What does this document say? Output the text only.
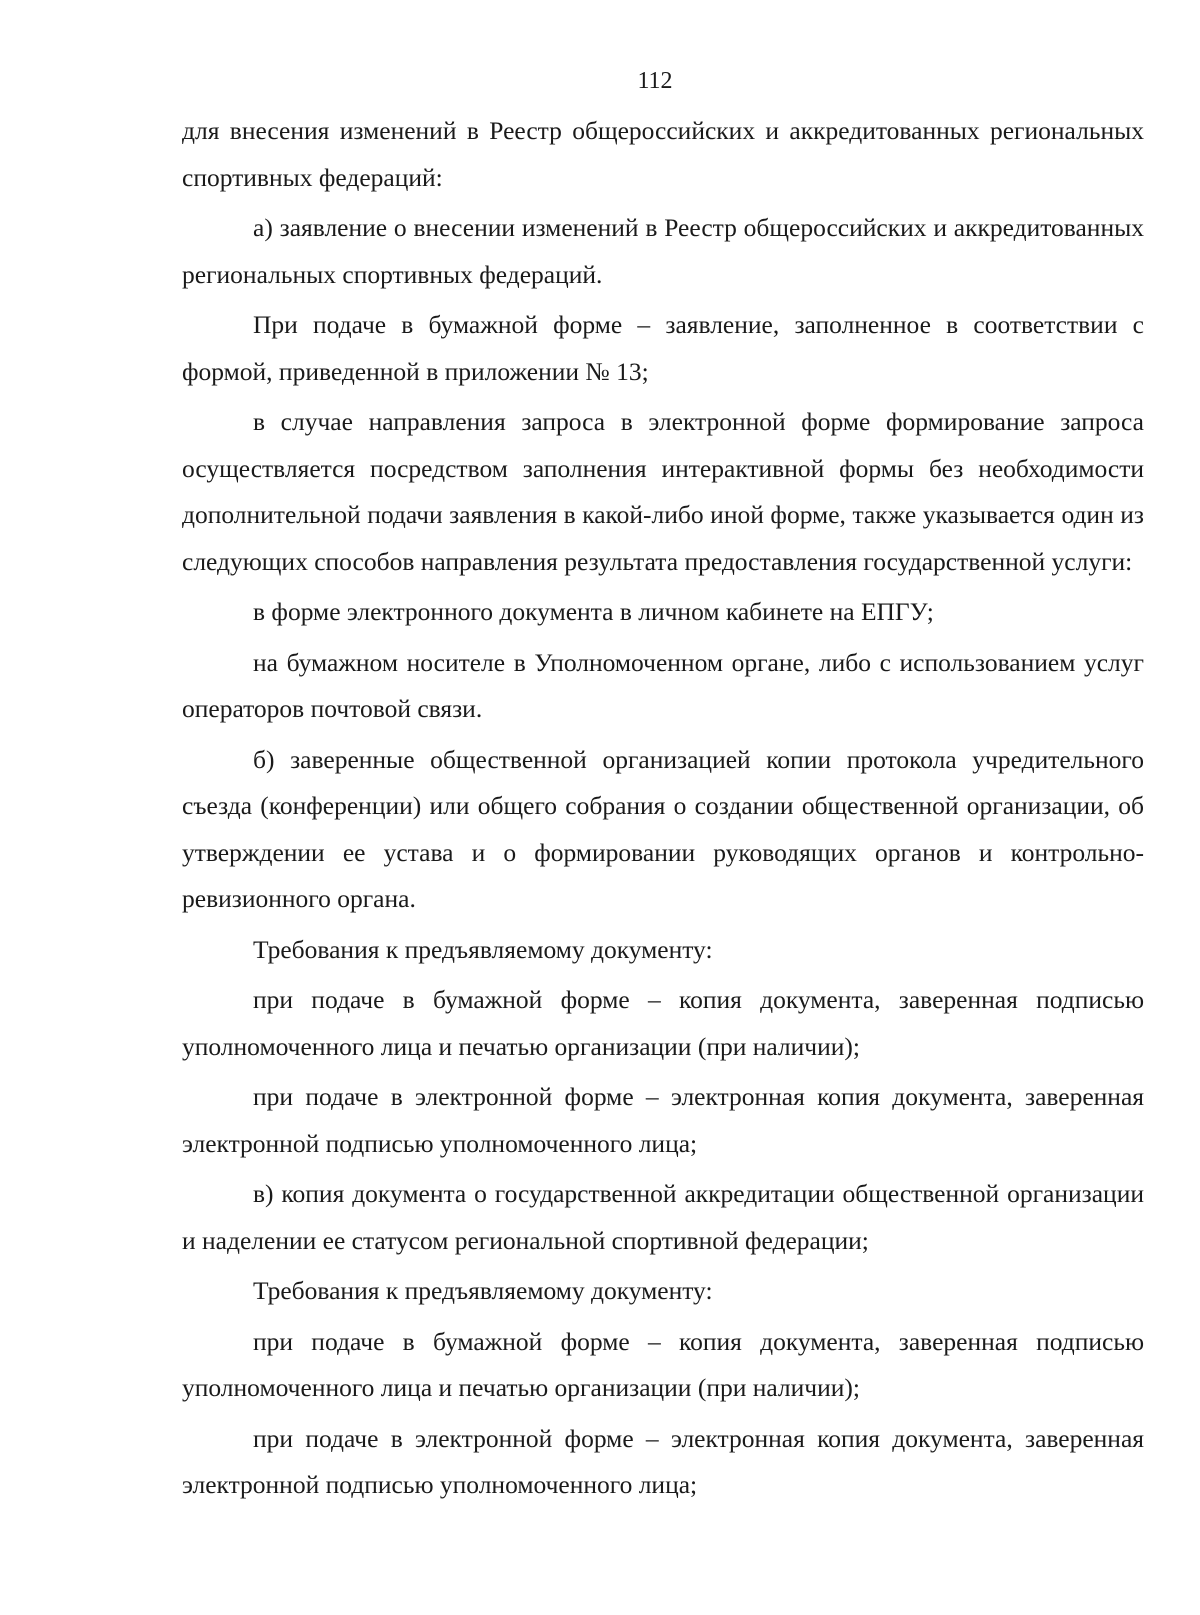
112

для внесения изменений в Реестр общероссийских и аккредитованных региональных спортивных федераций:

а) заявление о внесении изменений в Реестр общероссийских и аккредитованных региональных спортивных федераций.

При подаче в бумажной форме – заявление, заполненное в соответствии с формой, приведенной в приложении № 13;

в случае направления запроса в электронной форме формирование запроса осуществляется посредством заполнения интерактивной формы без необходимости дополнительной подачи заявления в какой-либо иной форме, также указывается один из следующих способов направления результата предоставления государственной услуги:

в форме электронного документа в личном кабинете на ЕПГУ;

на бумажном носителе в Уполномоченном органе, либо с использованием услуг операторов почтовой связи.

б) заверенные общественной организацией копии протокола учредительного съезда (конференции) или общего собрания о создании общественной организации, об утверждении ее устава и о формировании руководящих органов и контрольно-ревизионного органа.

Требования к предъявляемому документу:

при подаче в бумажной форме – копия документа, заверенная подписью уполномоченного лица и печатью организации (при наличии);

при подаче в электронной форме – электронная копия документа, заверенная электронной подписью уполномоченного лица;

в) копия документа о государственной аккредитации общественной организации и наделении ее статусом региональной спортивной федерации;

Требования к предъявляемому документу:

при подаче в бумажной форме – копия документа, заверенная подписью уполномоченного лица и печатью организации (при наличии);

при подаче в электронной форме – электронная копия документа, заверенная электронной подписью уполномоченного лица;
